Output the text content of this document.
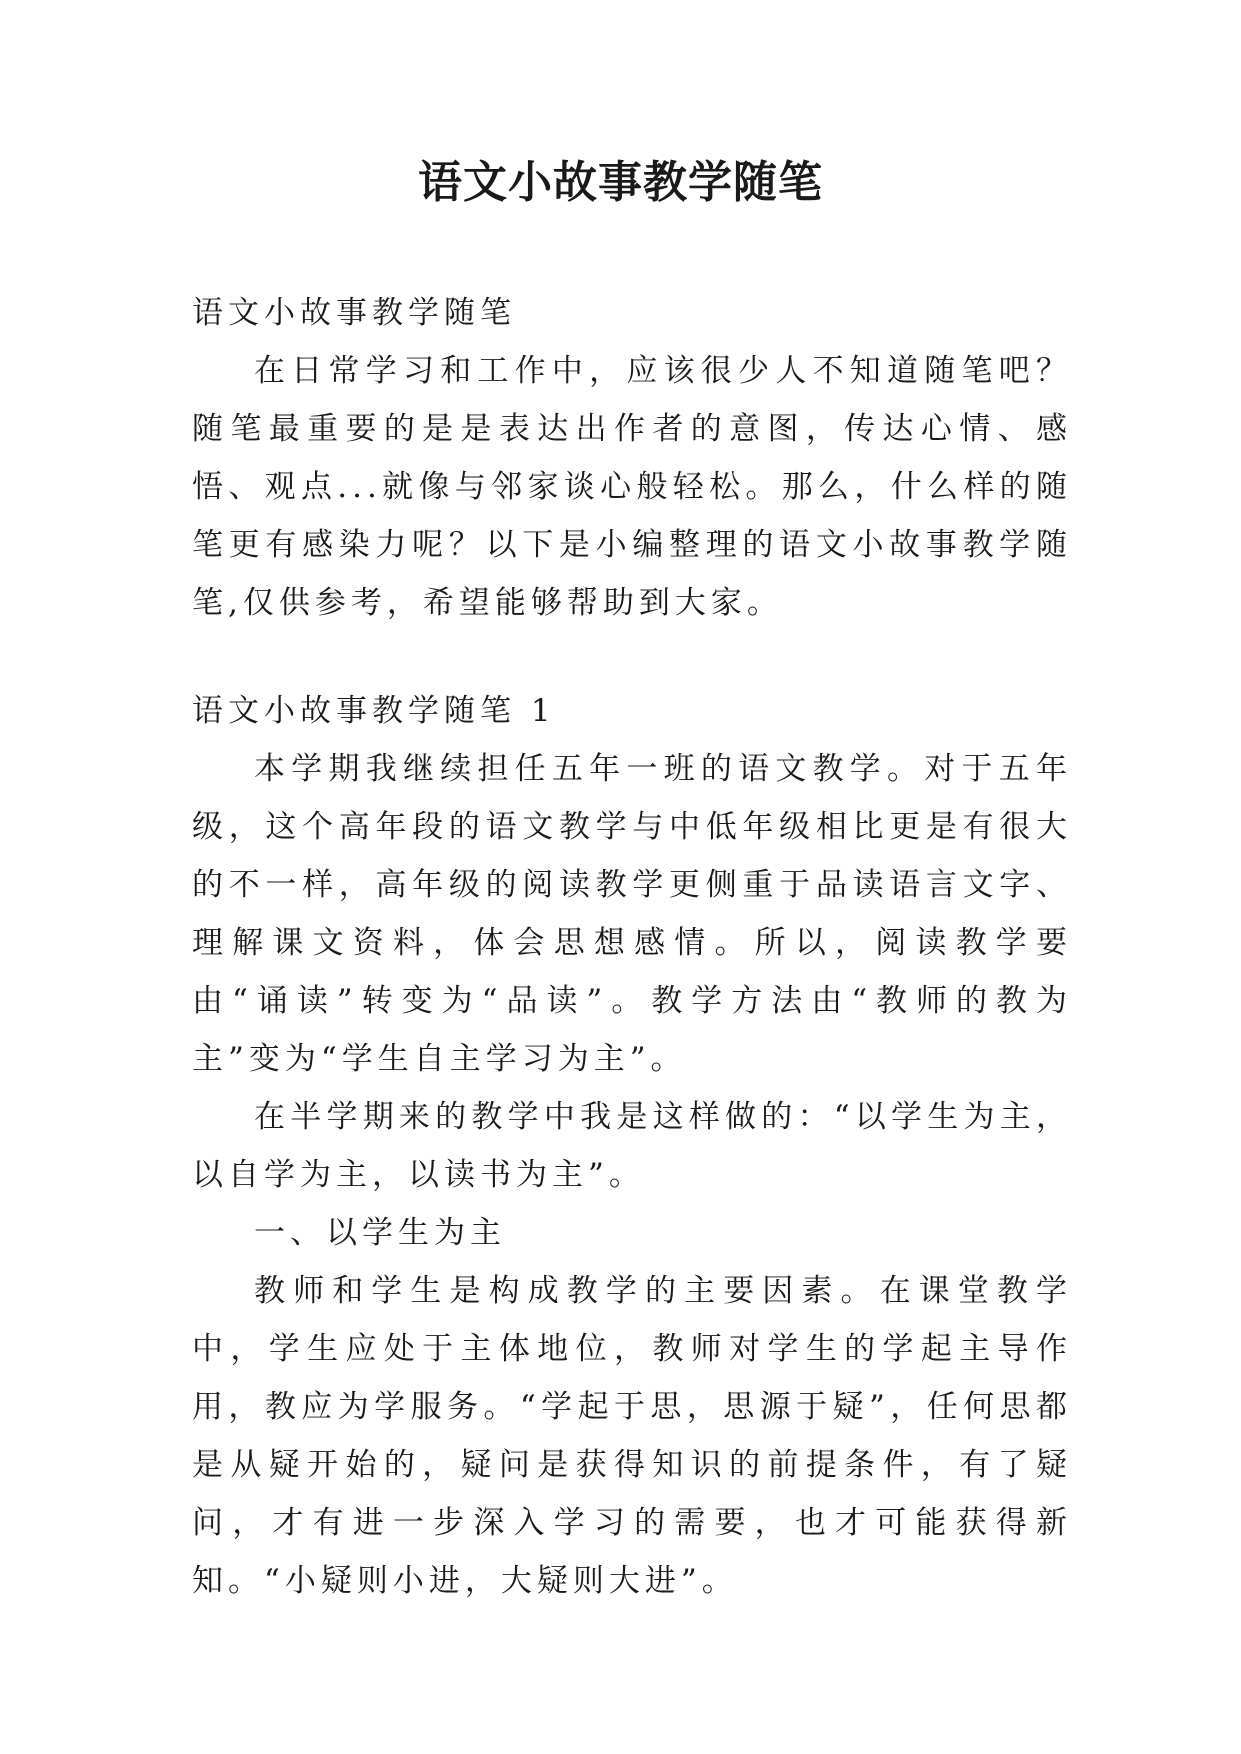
语文小故事教学随笔

语文小故事教学随笔

在日常学习和工作中，应该很少人不知道随笔吧？随笔最重要的是是表达出作者的意图，传达心情、感悟、观点...就像与邻家谈心般轻松。那么，什么样的随笔更有感染力呢？以下是小编整理的语文小故事教学随笔,仅供参考，希望能够帮助到大家。

语文小故事教学随笔 1

本学期我继续担任五年一班的语文教学。对于五年级，这个高年段的语文教学与中低年级相比更是有很大的不一样，高年级的阅读教学更侧重于品读语言文字、理解课文资料，体会思想感情。所以，阅读教学要由“诵读”转变为“品读”。教学方法由“教师的教为主”变为“学生自主学习为主”。

在半学期来的教学中我是这样做的：“以学生为主，以自学为主，以读书为主”。

一、以学生为主

教师和学生是构成教学的主要因素。在课堂教学中，学生应处于主体地位，教师对学生的学起主导作用，教应为学服务。“学起于思，思源于疑”，任何思都是从疑开始的，疑问是获得知识的前提条件，有了疑问，才有进一步深入学习的需要，也才可能获得新知。“小疑则小进，大疑则大进”。
